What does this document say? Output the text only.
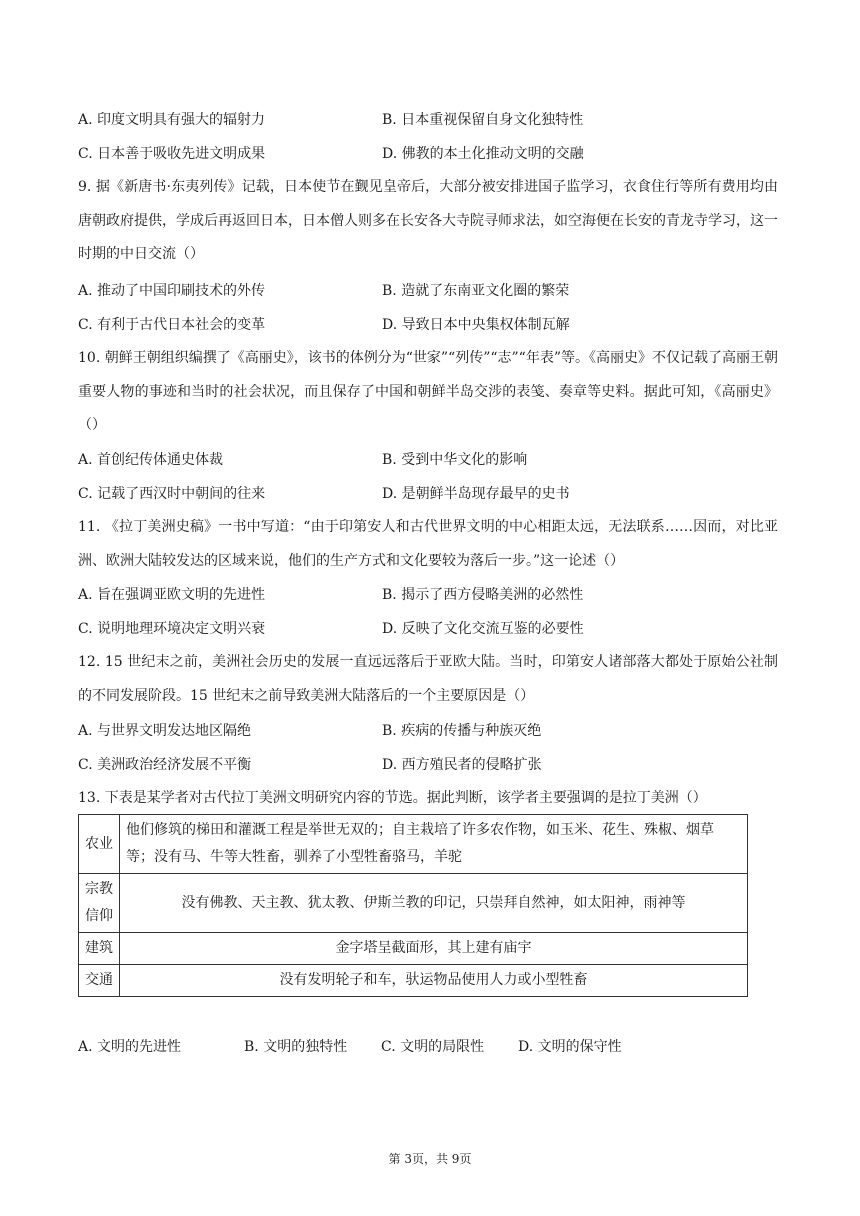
A. 印度文明具有强大的辐射力	B. 日本重视保留自身文化独特性
C. 日本善于吸收先进文明成果	D. 佛教的本土化推动文明的交融
9. 据《新唐书·东夷列传》记载，日本使节在觐见皇帝后，大部分被安排进国子监学习，衣食住行等所有费用均由唐朝政府提供，学成后再返回日本，日本僧人则多在长安各大寺院寻师求法，如空海便在长安的青龙寺学习，这一时期的中日交流（）
A. 推动了中国印刷技术的外传	B. 造就了东南亚文化圈的繁荣
C. 有利于古代日本社会的变革	D. 导致日本中央集权体制瓦解
10. 朝鲜王朝组织编撰了《高丽史》，该书的体例分为“世家”“列传”“志”“年表”等。《高丽史》不仅记载了高丽王朝重要人物的事迹和当时的社会状况，而且保存了中国和朝鲜半岛交涉的表笺、奏章等史料。据此可知，《高丽史》（）
A. 首创纪传体通史体裁	B. 受到中华文化的影响
C. 记载了西汉时中朝间的往来	D. 是朝鲜半岛现存最早的史书
11. 《拉丁美洲史稿》一书中写道：“由于印第安人和古代世界文明的中心相距太远，无法联系……因而，对比亚洲、欧洲大陆较发达的区域来说，他们的生产方式和文化要较为落后一步。”这一论述（）
A. 旨在强调亚欧文明的先进性	B. 揭示了西方侵略美洲的必然性
C. 说明地理环境决定文明兴衰	D. 反映了文化交流互鉴的必要性
12. 15 世纪末之前，美洲社会历史的发展一直远远落后于亚欧大陆。当时，印第安人诸部落大都处于原始公社制的不同发展阶段。15 世纪末之前导致美洲大陆落后的一个主要原因是（）
A. 与世界文明发达地区隔绝	B. 疾病的传播与种族灭绝
C. 美洲政治经济发展不平衡	D. 西方殖民者的侵略扩张
13. 下表是某学者对古代拉丁美洲文明研究内容的节选。据此判断，该学者主要强调的是拉丁美洲（）
农业	他们修筑的梯田和灌溉工程是举世无双的；自主栽培了许多农作物，如玉米、花生、殊椒、烟草等；没有马、牛等大牲畜，驯养了小型牲畜骆马，羊驼
宗教信仰	没有佛教、天主教、犹太教、伊斯兰教的印记，只崇拜自然神，如太阳神，雨神等
建筑	金字塔呈截面形，其上建有庙宇
交通	没有发明轮子和车，驮运物品使用人力或小型牲畜
A. 文明的先进性	B. 文明的独特性 C. 文明的局限性 D. 文明的保守性
第 3页，共 9页
